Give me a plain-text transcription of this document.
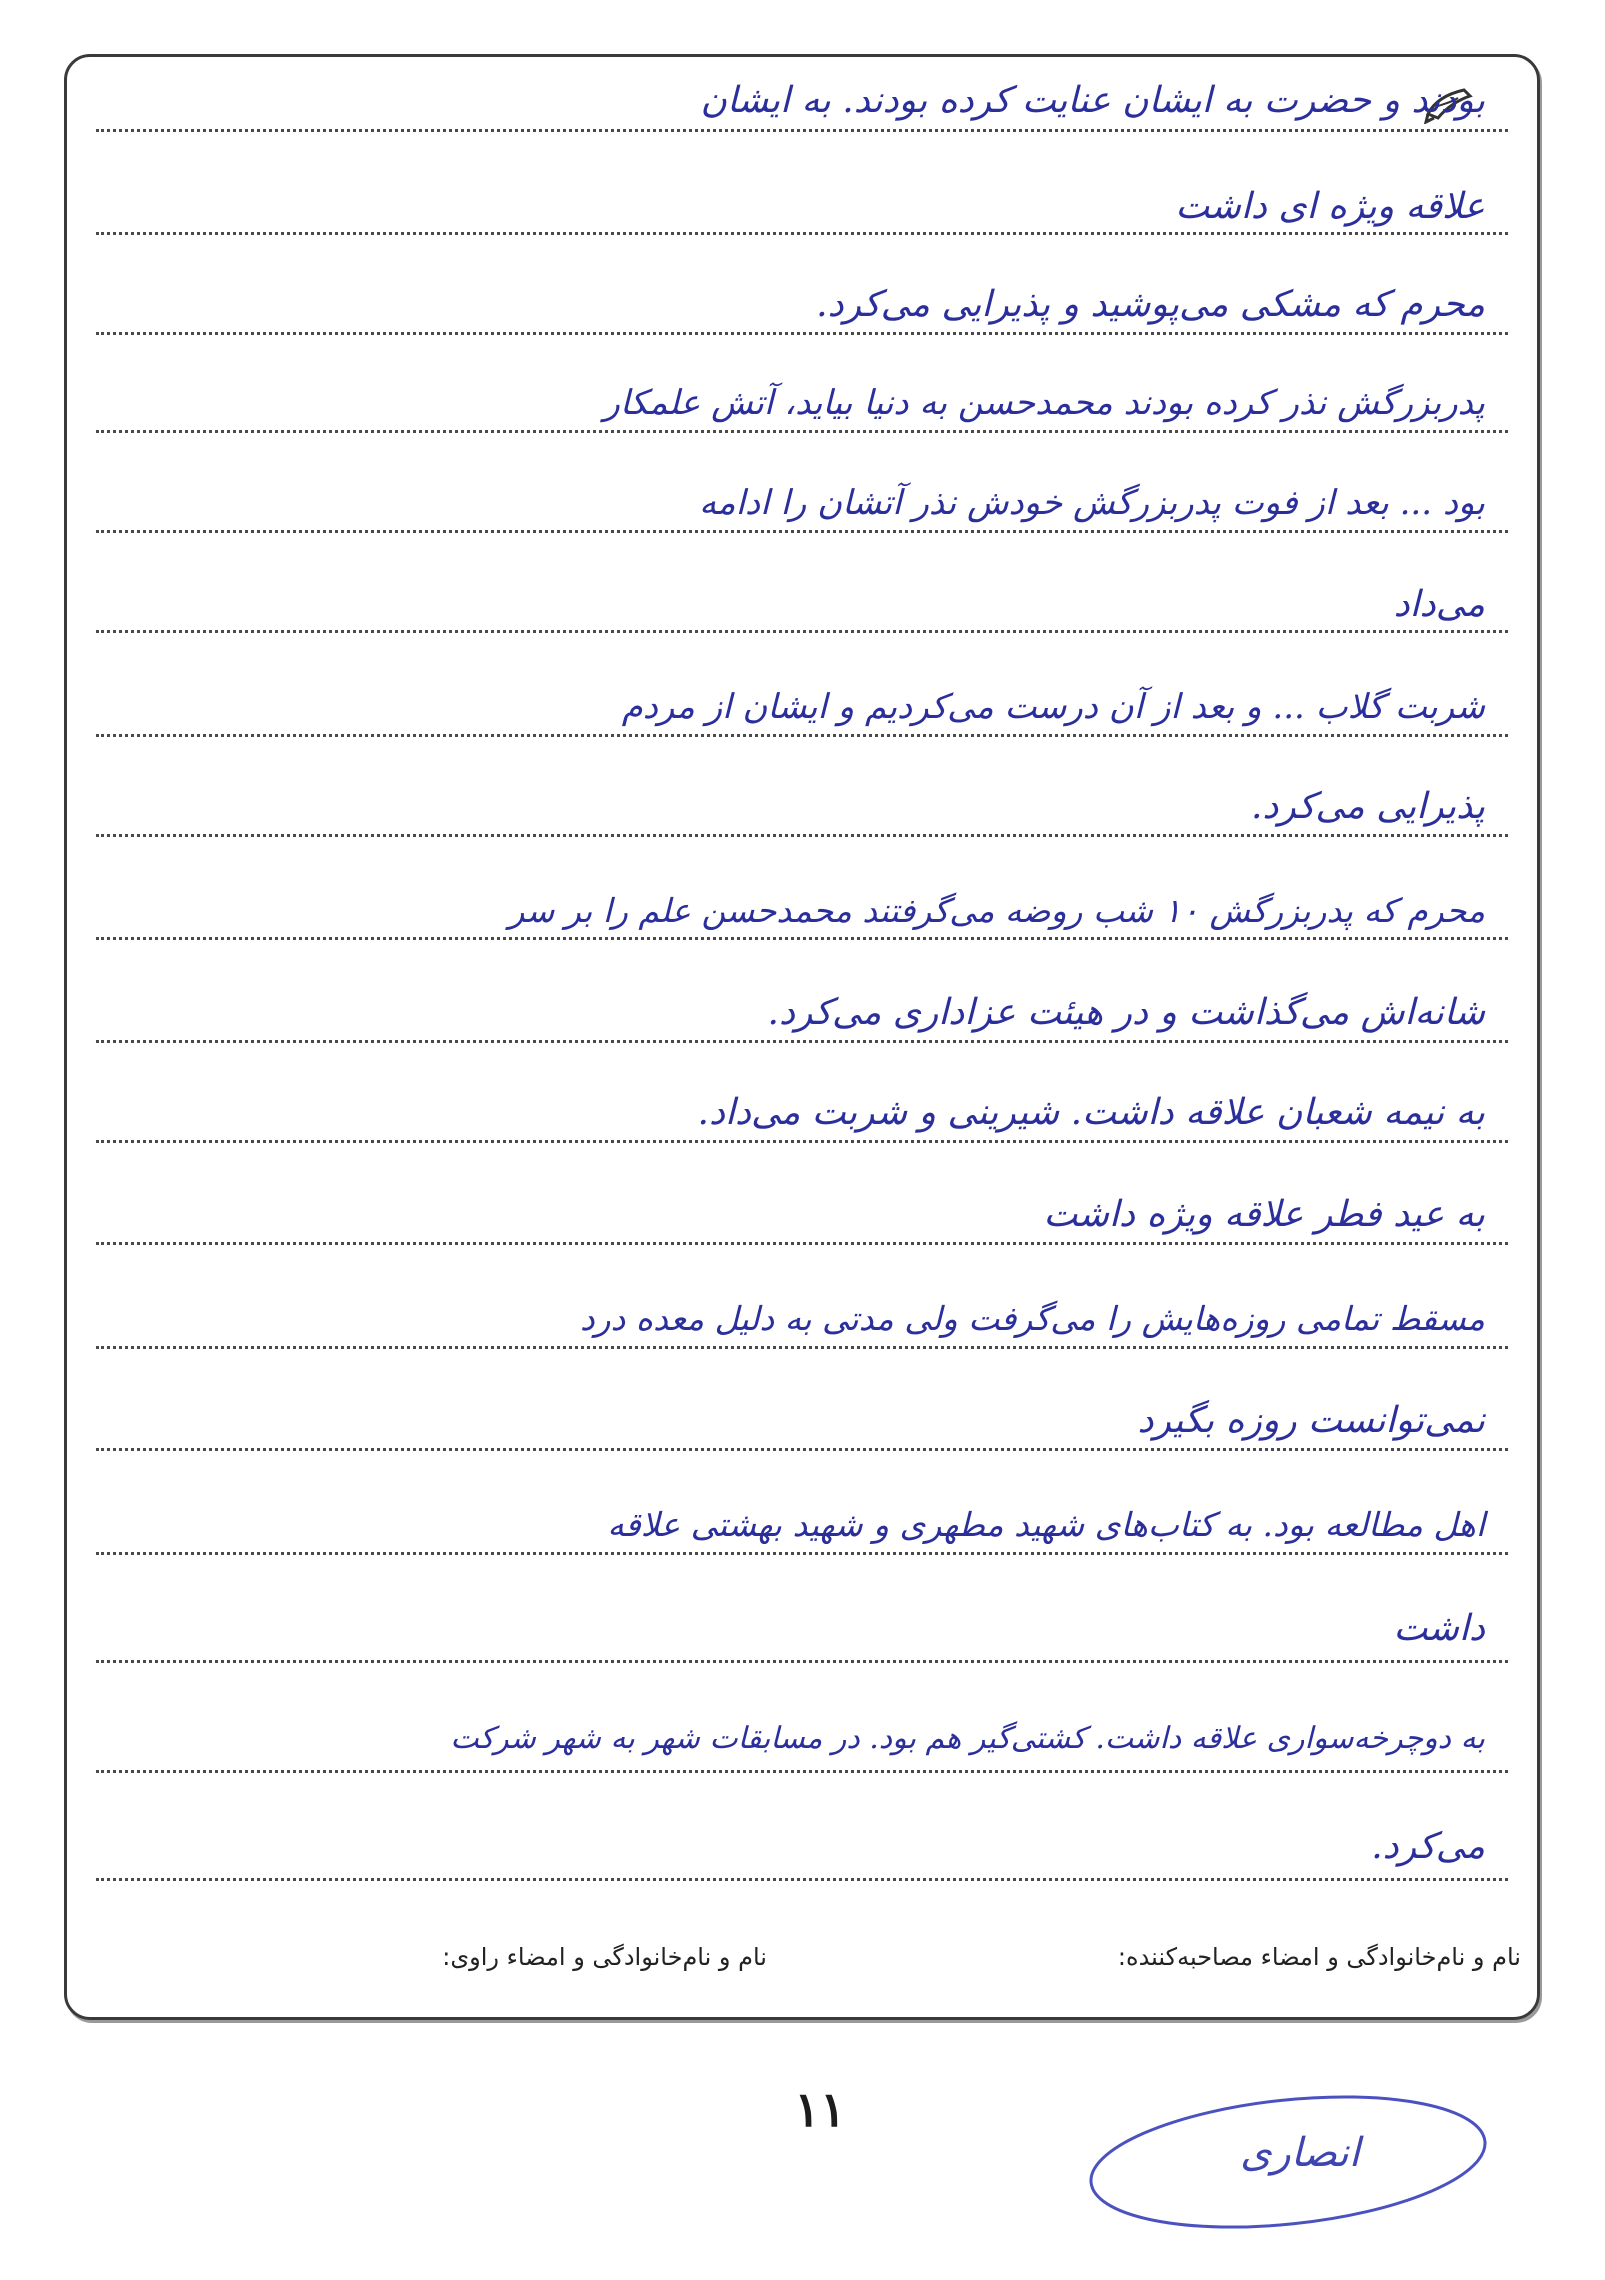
بودند و حضرت به ایشان عنایت کرده بودند. به ایشان
علاقه ویژه ای داشت
محرم که مشکی می‌پوشید و پذیرایی می‌کرد.
پدربزرگش نذر کرده بودند محمدحسن به دنیا بیاید، آتش علمکار
بود ... بعد از فوت پدربزرگش خودش نذر آتشان را ادامه
می‌داد
شربت گلاب ... و بعد از آن درست می‌کردیم و ایشان از مردم
پذیرایی می‌کرد.
محرم که پدربزرگش ۱۰ شب روضه می‌گرفتند محمدحسن علم را بر سر
شانه‌اش می‌گذاشت و در هیئت عزاداری می‌کرد.
به نیمه شعبان علاقه داشت. شیرینی و شربت می‌داد.
به عید فطر علاقه ویژه داشت
مسقط تمامی روزه‌هایش را می‌گرفت ولی مدتی به دلیل معده درد
نمی‌توانست روزه بگیرد
اهل مطالعه بود. به کتاب‌های شهید مطهری و شهید بهشتی علاقه
داشت
به دوچرخه‌سواری علاقه داشت. کشتی‌گیر هم بود. در مسابقات شهر به شهر شرکت
می‌کرد.
نام و نام‌خانوادگی و امضاء مصاحبه‌کننده:
نام و نام‌خانوادگی و امضاء راوی:
۱۱
انصاری
